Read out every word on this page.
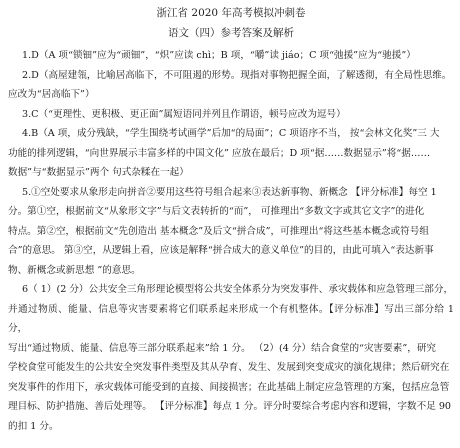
浙江省 2020 年高考模拟冲刺卷
语文（四）参考答案及解析

1.D（A 项“锁钿”应为“顽钿”，“炽”应读 chì；B 项，“嚼”读 jiáo；C 项“弛援”应为“驰援”）

2.D（高屋建瓴，比喻居高临下，不可阻遏的形势。现指对事物把握全面，了解透彻，有全局性思维。

应改为“居高临下”）

3.C（“更理性、更积极、更正面”属短语同并列且作谓语，顿号应改为逗号）

4.B（A 项，成分残缺，“学生围绕考试画学”后加“的局面”；C 项语序不当， 按“会林文化奖”三 大

功能的排列逻辑，“向世界展示丰富多样的中国文化” 应放在最后；D 项“据……数据显示”将“据……

数据”与“数据显示”两个 句式杂糅在一起）

5.①空处要求从象形走向拼音②要用这些符号组合起来③表达新事物、新概念 【评分标准】每空 1

分。第①空，根据前文“从象形文字”与后文表转折的“而”， 可推理出“多数文字或其它文字”的进化

特点。第②空，根据前文“先创造出 基本概念”及后文“拼合成”，可推理出“将这些基本概念或符号组

合”的意思。 第③空，从逻辑上看，应该是解释“拼合成大的意义单位”的目的，由此可填入“表达新事

物、新概念或新思想 ”的意思。

6（ 1）(2 分）公共安全三角形理论模型将公共安全体系分为突发事件、承灾载体和应急管理三部分，

并通过物质、能量、信息等灾害要素将它们联系起来形成一个有机整体。【评分标准】写出三部分给 1 分，

写出“通过物质、能量、信息等三部分联系起来”给 1 分。 （2）(4 分）结合食堂的“灾害要素”，研究

学校食堂可能发生的公共安全突发事件类型及其从孕育、发生、发展到突变成灾的演化规律；然后研究在

突发事件的作用下，承灾载体可能受到的直接、间接损害；在此基础上制定应急管理的方案，包括应急管

理目标、防护措施、善后处理等。 【评分标准】每点 1 分。评分时要综合考虑内容和逻辑，字数不足 90

的扣 1 分。
